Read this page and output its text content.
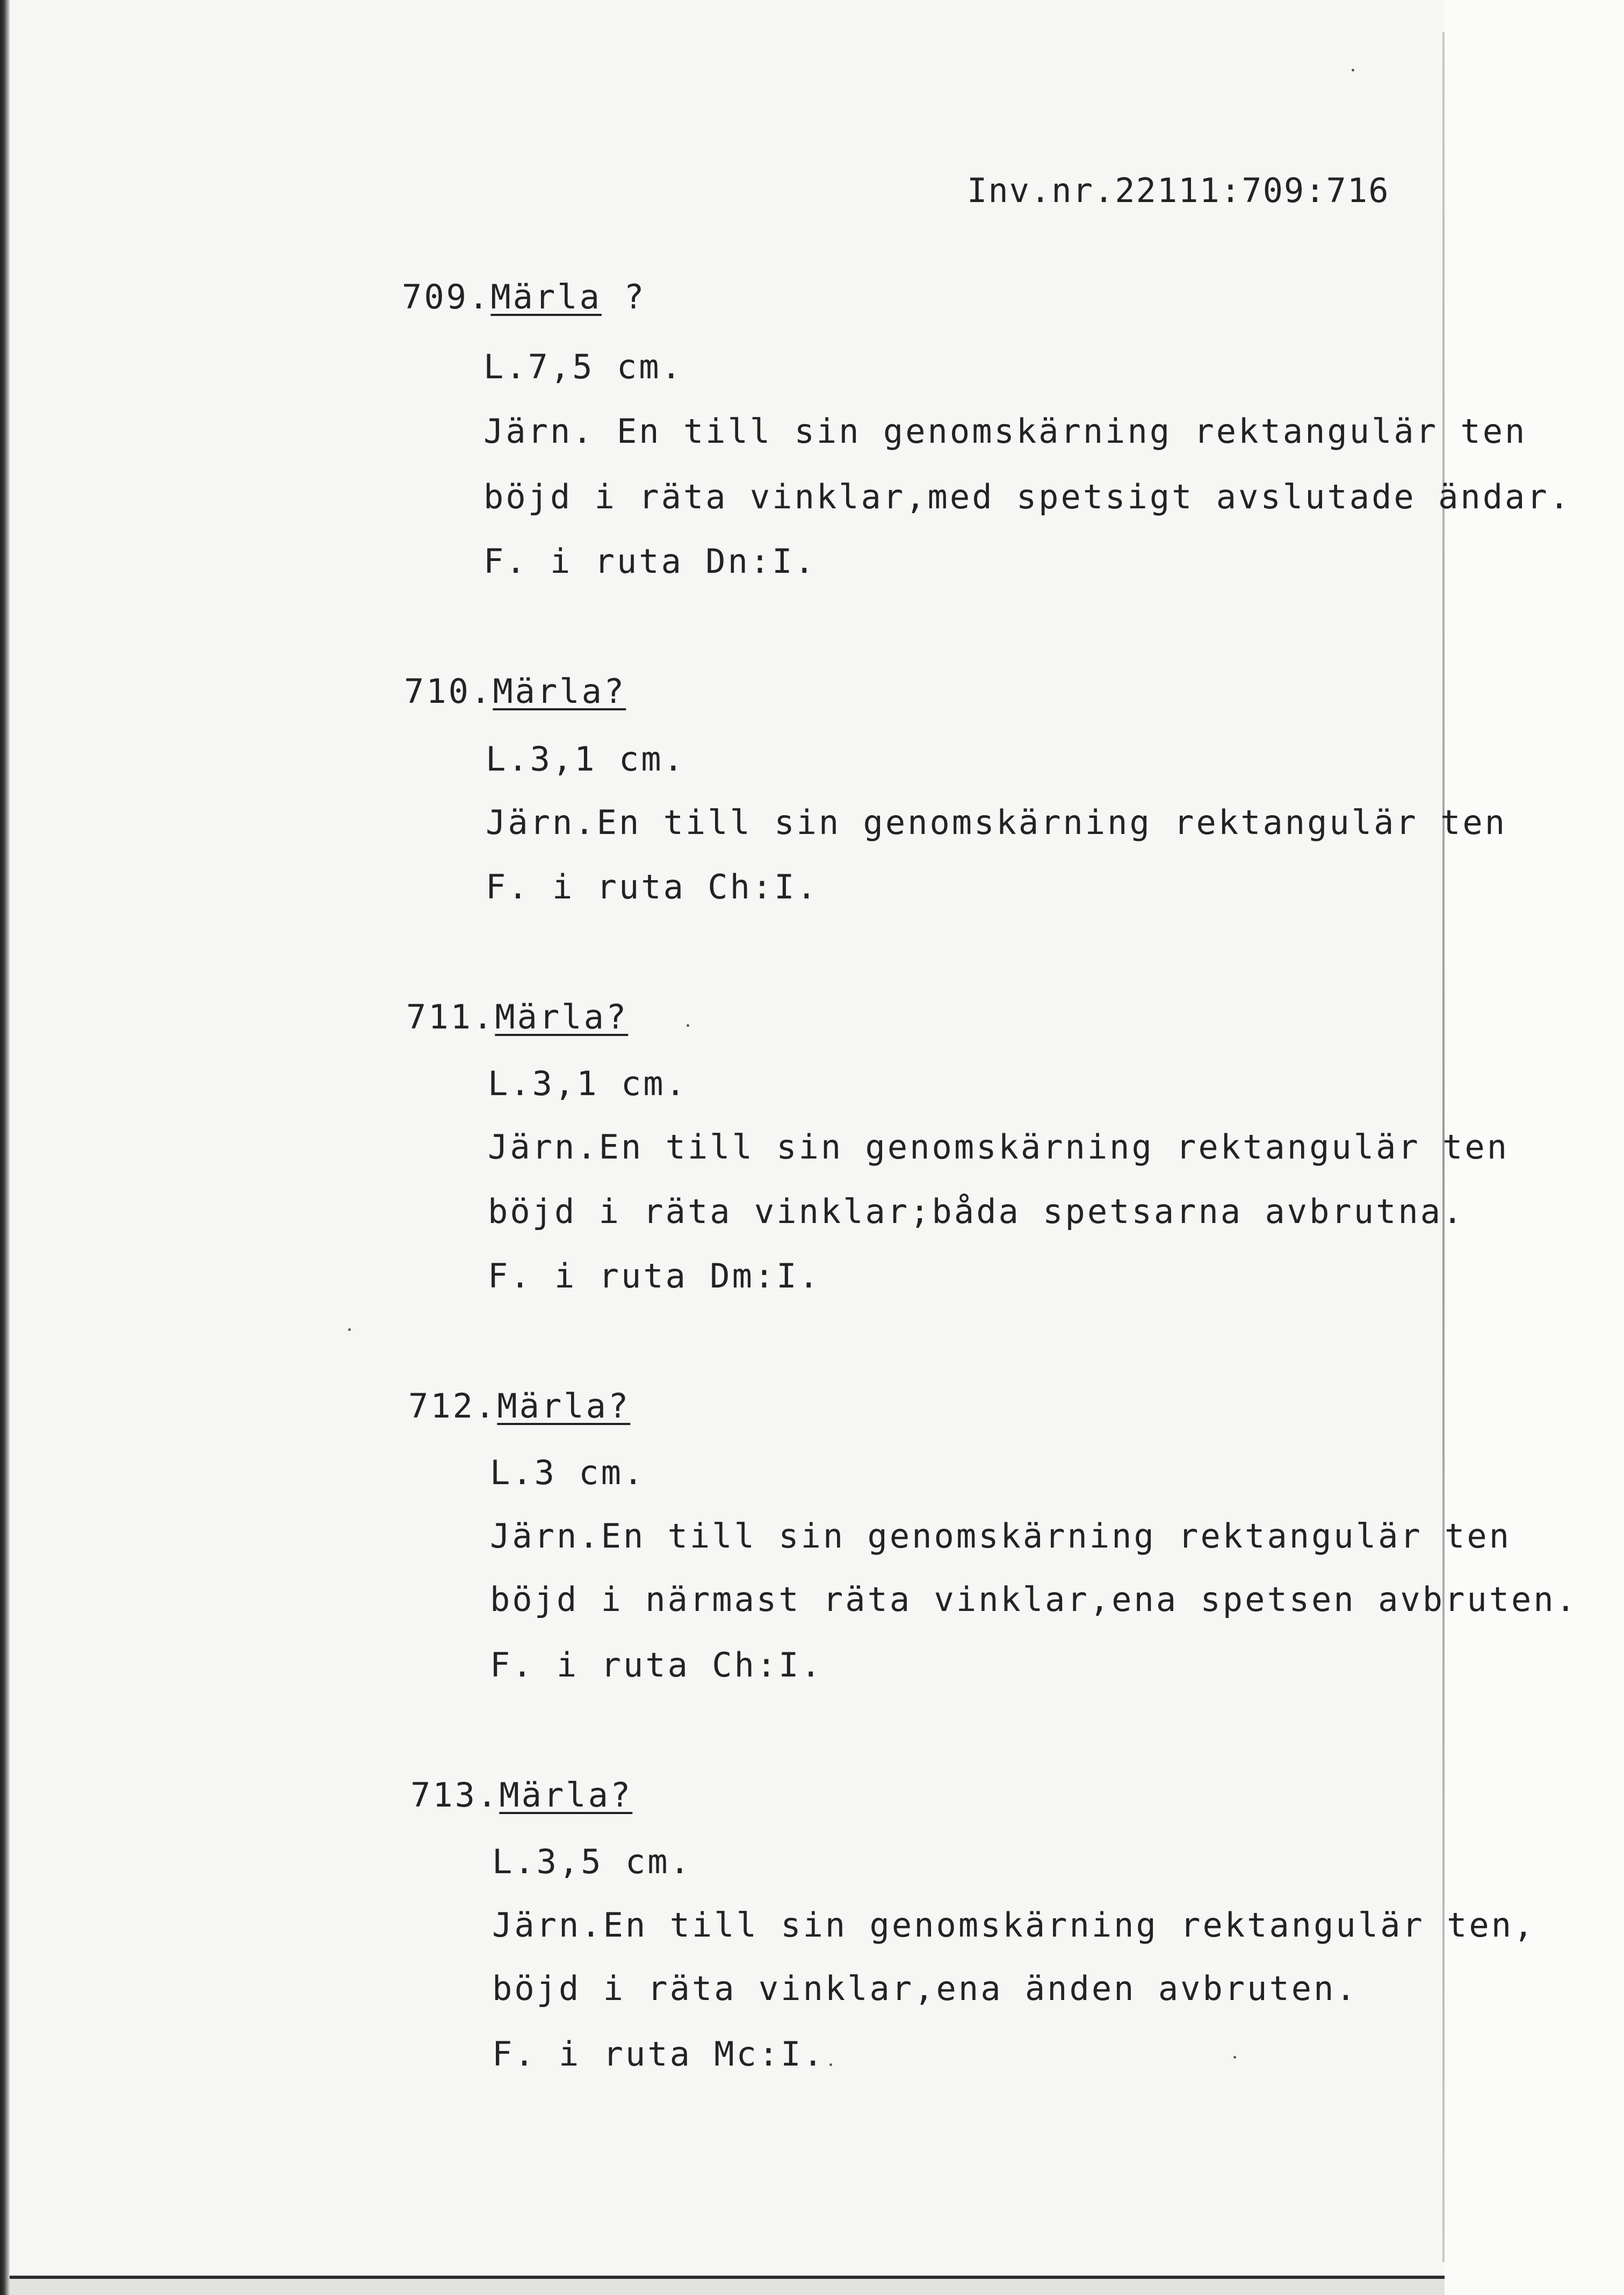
Inv.nr.22111:709:716
709.Märla ?
L.7,5 cm.
Järn. En till sin genomskärning rektangulär ten
böjd i räta vinklar,med spetsigt avslutade ändar.
F. i ruta Dn:I.
710.Märla?
L.3,1 cm.
Järn.En till sin genomskärning rektangulär ten
F. i ruta Ch:I.
711.Märla?
L.3,1 cm.
Järn.En till sin genomskärning rektangulär ten
böjd i räta vinklar;båda spetsarna avbrutna.
F. i ruta Dm:I.
712.Märla?
L.3 cm.
Järn.En till sin genomskärning rektangulär ten
böjd i närmast räta vinklar,ena spetsen avbruten.
F. i ruta Ch:I.
713.Märla?
L.3,5 cm.
Järn.En till sin genomskärning rektangulär ten,
böjd i räta vinklar,ena änden avbruten.
F. i ruta Mc:I.
